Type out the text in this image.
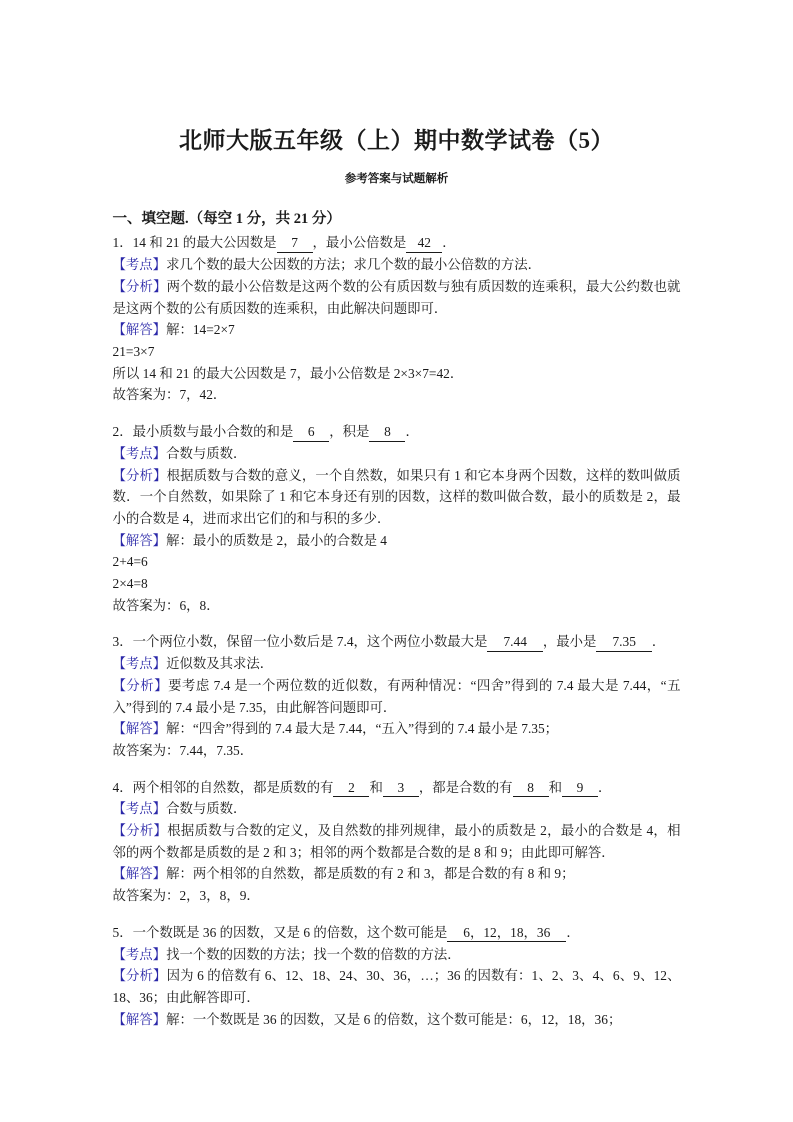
北师大版五年级（上）期中数学试卷（5）
参考答案与试题解析
一、填空题.（每空 1 分，共 21 分）
1．14 和 21 的最大公因数是 7 ，最小公倍数是 42 ．
【考点】求几个数的最大公因数的方法；求几个数的最小公倍数的方法．
【分析】两个数的最小公倍数是这两个数的公有质因数与独有质因数的连乘积，最大公约数也就是这两个数的公有质因数的连乘积，由此解决问题即可．
【解答】解：14=2×7
21=3×7
所以 14 和 21 的最大公因数是 7，最小公倍数是 2×3×7=42．
故答案为：7，42．
2．最小质数与最小合数的和是 6 ，积是 8 ．
【考点】合数与质数．
【分析】根据质数与合数的意义，一个自然数，如果只有 1 和它本身两个因数，这样的数叫做质数．一个自然数，如果除了 1 和它本身还有别的因数，这样的数叫做合数，最小的质数是 2，最小的合数是 4，进而求出它们的和与积的多少．
【解答】解：最小的质数是 2，最小的合数是 4
2+4=6
2×4=8
故答案为：6，8．
3．一个两位小数，保留一位小数后是 7.4，这个两位小数最大是 7.44 ，最小是 7.35 ．
【考点】近似数及其求法．
【分析】要考虑 7.4 是一个两位数的近似数，有两种情况：“四舍”得到的 7.4 最大是 7.44，“五入”得到的 7.4 最小是 7.35，由此解答问题即可．
【解答】解：“四舍”得到的 7.4 最大是 7.44，“五入”得到的 7.4 最小是 7.35；
故答案为：7.44，7.35．
4．两个相邻的自然数，都是质数的有 2 和 3 ，都是合数的有 8 和 9 ．
【考点】合数与质数．
【分析】根据质数与合数的定义，及自然数的排列规律，最小的质数是 2，最小的合数是 4，相邻的两个数都是质数的是 2 和 3；相邻的两个数都是合数的是 8 和 9；由此即可解答．
【解答】解：两个相邻的自然数，都是质数的有 2 和 3，都是合数的有 8 和 9；
故答案为：2，3，8，9．
5．一个数既是 36 的因数，又是 6 的倍数，这个数可能是 6，12，18，36 ．
【考点】找一个数的因数的方法；找一个数的倍数的方法．
【分析】因为 6 的倍数有 6、12、18、24、30、36，…；36 的因数有：1、2、3、4、6、9、12、18、36；由此解答即可．
【解答】解：一个数既是 36 的因数，又是 6 的倍数，这个数可能是：6，12，18，36；
